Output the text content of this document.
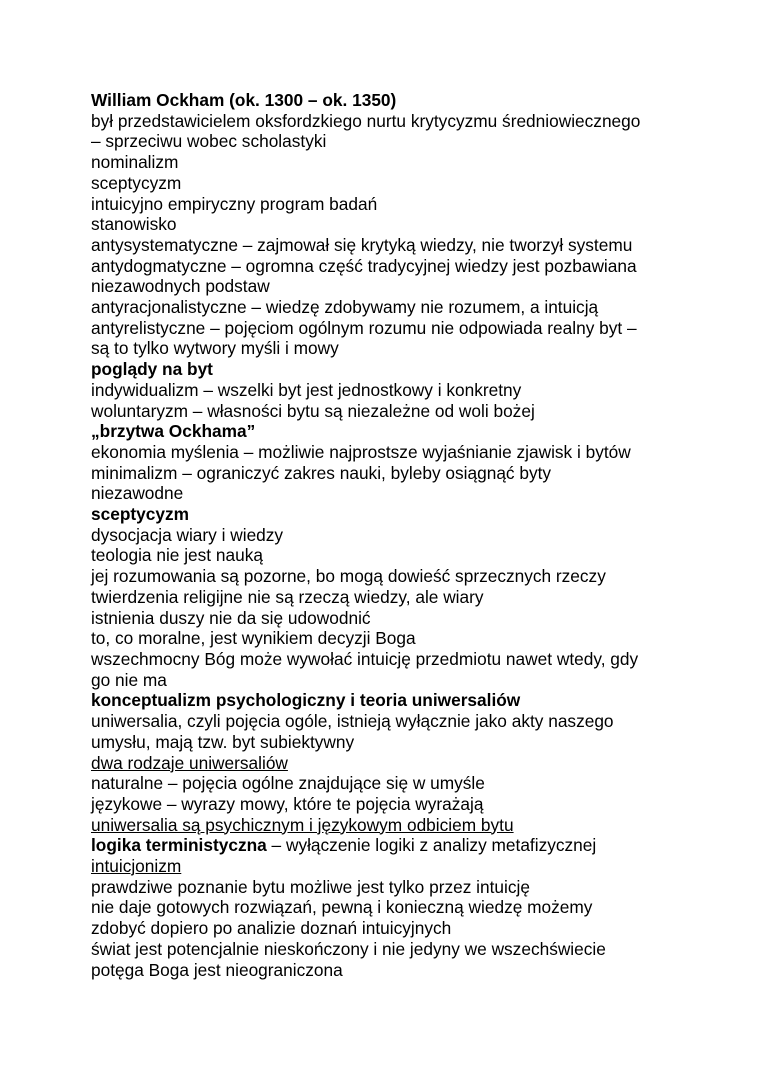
William Ockham (ok. 1300 – ok. 1350)
był przedstawicielem oksfordzkiego nurtu krytycyzmu średniowiecznego
– sprzeciwu wobec scholastyki
nominalizm
sceptycyzm
intuicyjno empiryczny program badań
stanowisko
antysystematyczne – zajmował się krytyką wiedzy, nie tworzył systemu
antydogmatyczne – ogromna część tradycyjnej wiedzy jest pozbawiana
niezawodnych podstaw
antyracjonalistyczne – wiedzę zdobywamy nie rozumem, a intuicją
antyrelistyczne – pojęciom ogólnym rozumu nie odpowiada realny byt –
są to tylko wytwory myśli i mowy
poglądy na byt
indywidualizm – wszelki byt jest jednostkowy i konkretny
woluntaryzm – własności bytu są niezależne od woli bożej
„brzytwa Ockhama”
ekonomia myślenia – możliwie najprostsze wyjaśnianie zjawisk i bytów
minimalizm – ograniczyć zakres nauki, byleby osiągnąć byty
niezawodne
sceptycyzm
dysocjacja wiary i wiedzy
teologia nie jest nauką
jej rozumowania są pozorne, bo mogą dowieść sprzecznych rzeczy
twierdzenia religijne nie są rzeczą wiedzy, ale wiary
istnienia duszy nie da się udowodnić
to, co moralne, jest wynikiem decyzji Boga
wszechmocny Bóg może wywołać intuicję przedmiotu nawet wtedy, gdy
go nie ma
konceptualizm psychologiczny i teoria uniwersaliów
uniwersalia, czyli pojęcia ogóle, istnieją wyłącznie jako akty naszego
umysłu, mają tzw. byt subiektywny
dwa rodzaje uniwersaliów
naturalne – pojęcia ogólne znajdujące się w umyśle
językowe – wyrazy mowy, które te pojęcia wyrażają
uniwersalia są psychicznym i językowym odbiciem bytu
logika terministyczna – wyłączenie logiki z analizy metafizycznej
intuicjonizm
prawdziwe poznanie bytu możliwe jest tylko przez intuicję
nie daje gotowych rozwiązań, pewną i konieczną wiedzę możemy
zdobyć dopiero po analizie doznań intuicyjnych
świat jest potencjalnie nieskończony i nie jedyny we wszechświecie
potęga Boga jest nieograniczona
